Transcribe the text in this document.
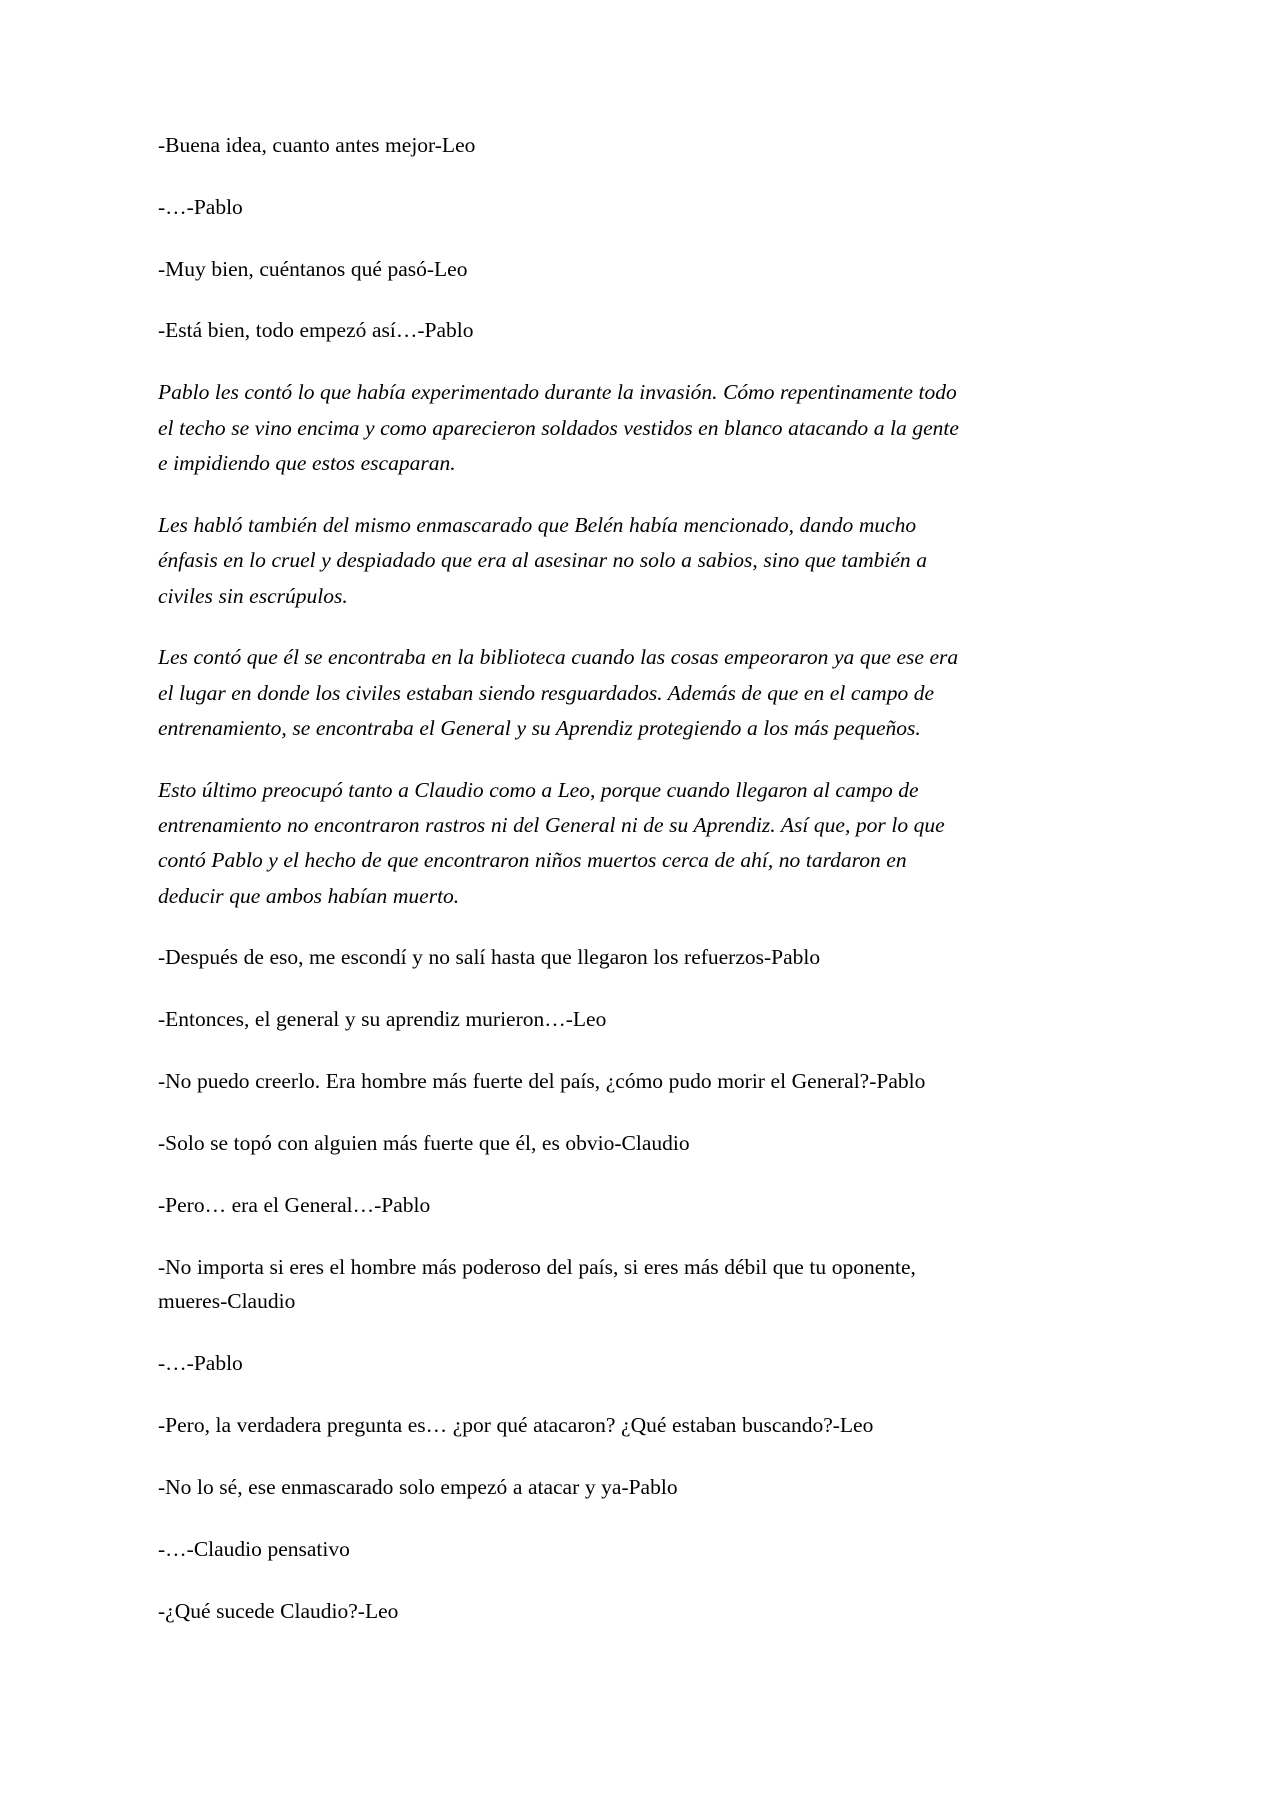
-Buena idea, cuanto antes mejor-Leo

-…-Pablo

-Muy bien, cuéntanos qué pasó-Leo

-Está bien, todo empezó así…-Pablo

Pablo les contó lo que había experimentado durante la invasión. Cómo repentinamente todo el techo se vino encima y como aparecieron soldados vestidos en blanco atacando a la gente e impidiendo que estos escaparan.

Les habló también del mismo enmascarado que Belén había mencionado, dando mucho énfasis en lo cruel y despiadado que era al asesinar no solo a sabios, sino que también a civiles sin escrúpulos.

Les contó que él se encontraba en la biblioteca cuando las cosas empeoraron ya que ese era el lugar en donde los civiles estaban siendo resguardados. Además de que en el campo de entrenamiento, se encontraba el General y su Aprendiz protegiendo a los más pequeños.

Esto último preocupó tanto a Claudio como a Leo, porque cuando llegaron al campo de entrenamiento no encontraron rastros ni del General ni de su Aprendiz. Así que, por lo que contó Pablo y el hecho de que encontraron niños muertos cerca de ahí, no tardaron en deducir que ambos habían muerto.

-Después de eso, me escondí y no salí hasta que llegaron los refuerzos-Pablo

-Entonces, el general y su aprendiz murieron…-Leo

-No puedo creerlo. Era hombre más fuerte del país, ¿cómo pudo morir el General?-Pablo

-Solo se topó con alguien más fuerte que él, es obvio-Claudio

-Pero… era el General…-Pablo

-No importa si eres el hombre más poderoso del país, si eres más débil que tu oponente, mueres-Claudio

-…-Pablo

-Pero, la verdadera pregunta es… ¿por qué atacaron? ¿Qué estaban buscando?-Leo

-No lo sé, ese enmascarado solo empezó a atacar y ya-Pablo

-…-Claudio pensativo

-¿Qué sucede Claudio?-Leo
